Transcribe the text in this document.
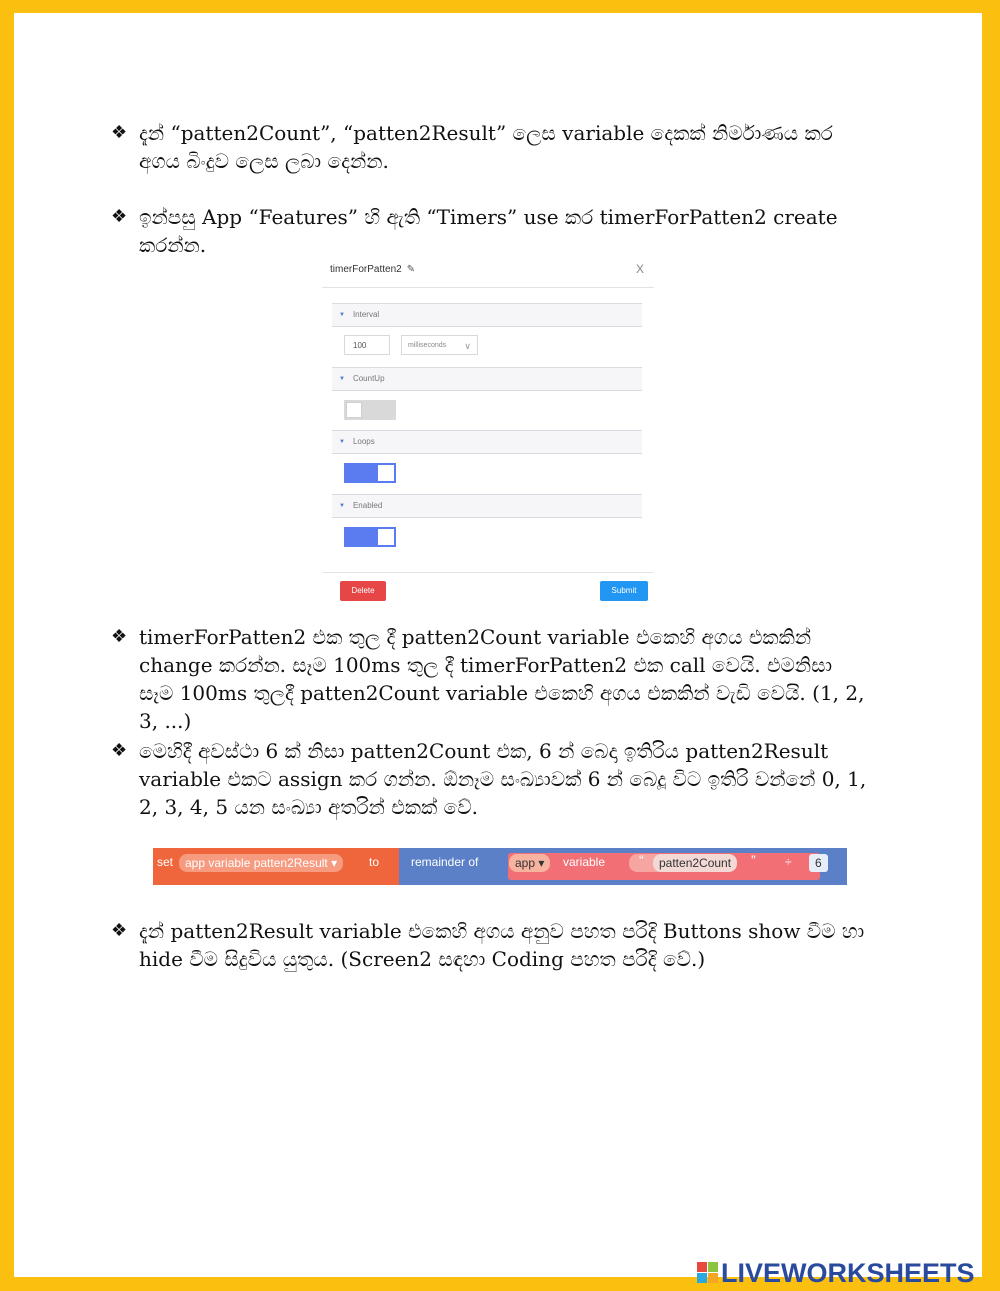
❖ දැන් “patten2Count”, “patten2Result” ලෙස variable දෙකක් නිර්මාණය කර අගය බිංදුව ලෙස ලබා දෙන්න.
❖ ඉන්පසු App “Features” හි ඇති “Timers” use කර timerForPatten2 create කරන්න.
timerForPatten2 ✎	X
▼ Interval
100	milliseconds ∨
▼ CountUp
▼ Loops
▼ Enabled
Delete	Submit
❖ timerForPatten2 එක තුල දී patten2Count variable එකෙහි අගය එකකින් change කරන්න. සෑම 100ms තුල දී timerForPatten2 එක call වෙයි. එමනිසා සෑම 100ms තුලදී patten2Count variable එකෙහි අගය එකකින් වැඩි වෙයි. (1, 2, 3, ...)
❖ මෙහිදී අවස්ථා 6 ක් නිසා patten2Count එක, 6 න් බෙදා ඉතිරිය patten2Result variable එකට assign කර ගන්න. ඕනෑම සංඛ්‍යාවක් 6 න් බෙදූ විට ඉතිරි වන්නේ 0, 1, 2, 3, 4, 5 යන සංඛ්‍යා අතරින් එකක් වේ.
set app variable patten2Result ▾	to	remainder of	app ▾	variable “	patten2Count	” ÷	6
❖ දැන් patten2Result variable එකෙහි අගය අනුව පහත පරිදි Buttons show වීම හා hide වීම සිදුවිය යුතුය. (Screen2 සඳහා Coding පහත පරිදි වේ.)
LIVEWORKSHEETS
